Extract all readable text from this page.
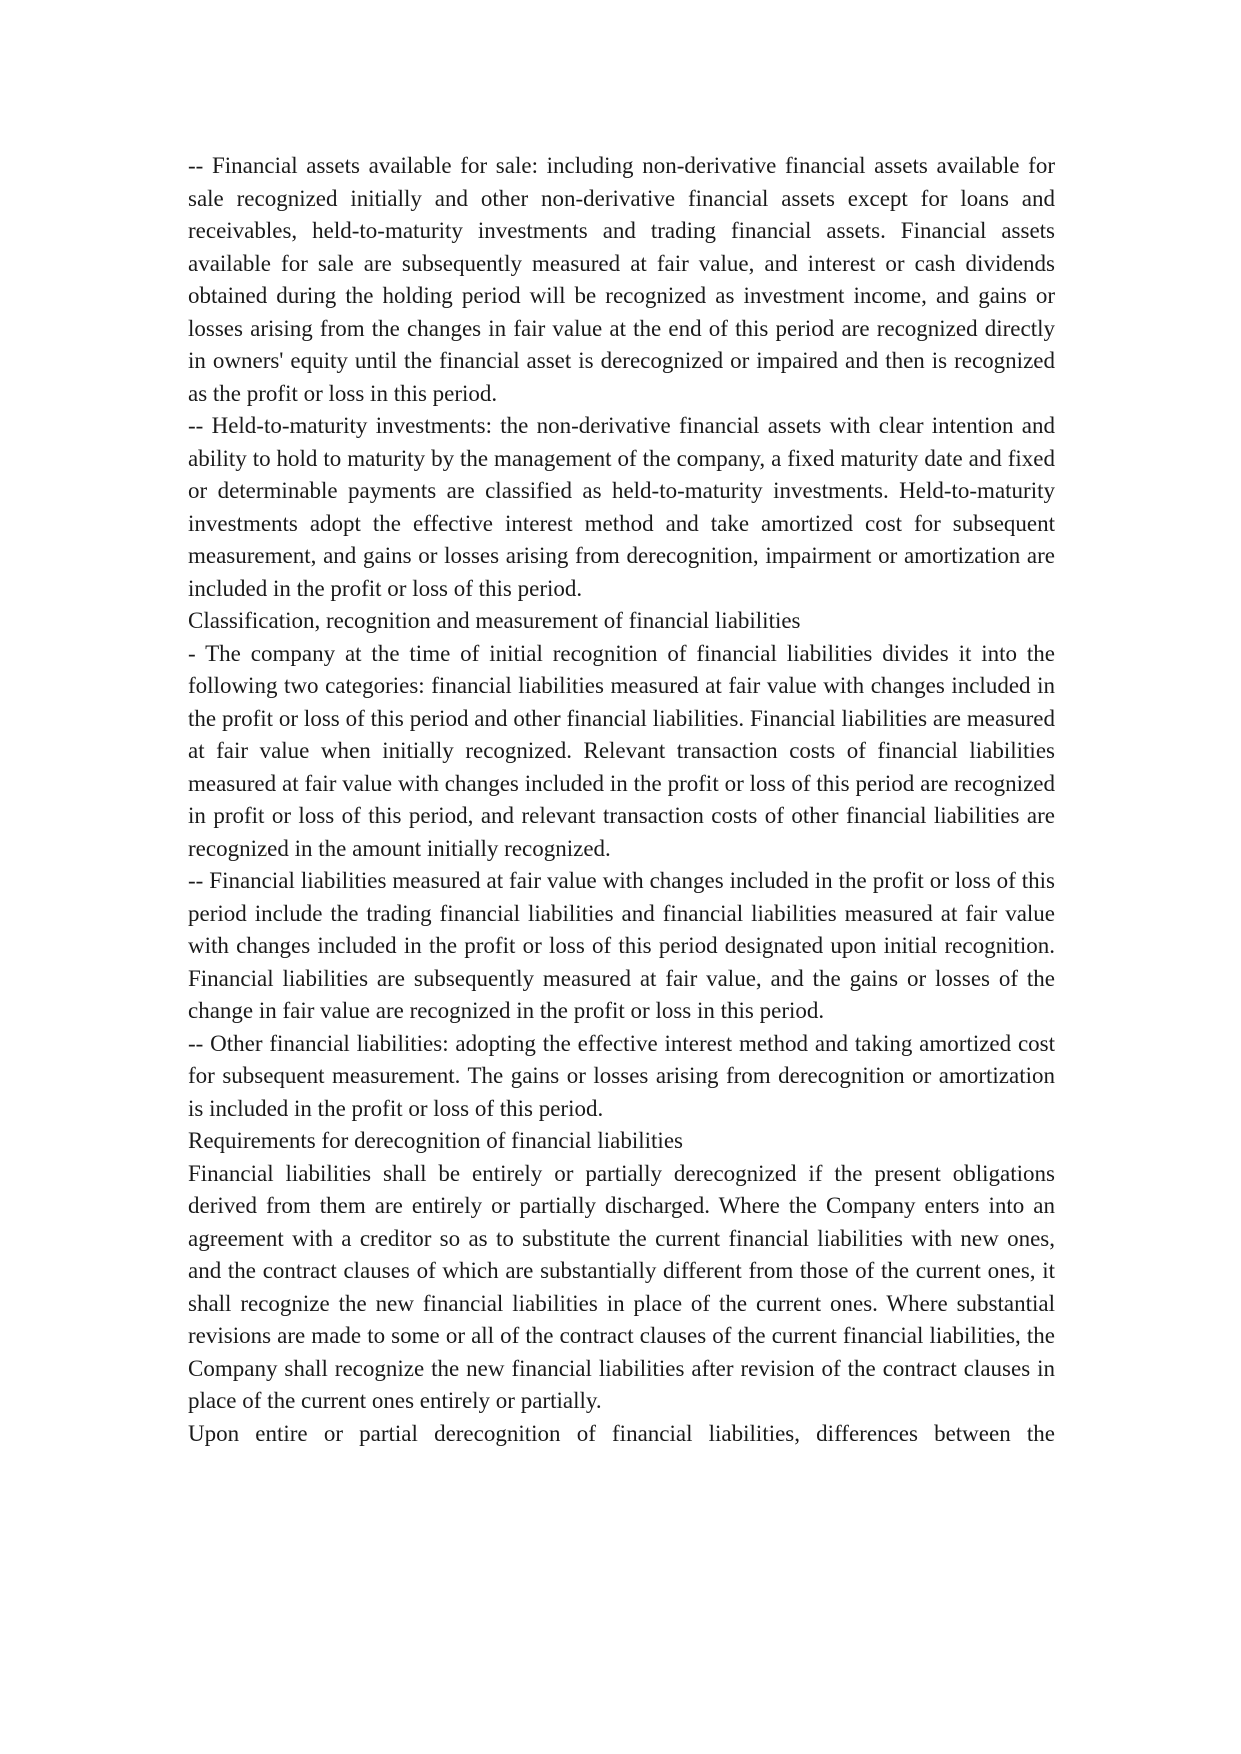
-- Financial assets available for sale: including non-derivative financial assets available for sale recognized initially and other non-derivative financial assets except for loans and receivables, held-to-maturity investments and trading financial assets. Financial assets available for sale are subsequently measured at fair value, and interest or cash dividends obtained during the holding period will be recognized as investment income, and gains or losses arising from the changes in fair value at the end of this period are recognized directly in owners' equity until the financial asset is derecognized or impaired and then is recognized as the profit or loss in this period.

-- Held-to-maturity investments: the non-derivative financial assets with clear intention and ability to hold to maturity by the management of the company, a fixed maturity date and fixed or determinable payments are classified as held-to-maturity investments. Held-to-maturity investments adopt the effective interest method and take amortized cost for subsequent measurement, and gains or losses arising from derecognition, impairment or amortization are included in the profit or loss of this period.

Classification, recognition and measurement of financial liabilities

- The company at the time of initial recognition of financial liabilities divides it into the following two categories: financial liabilities measured at fair value with changes included in the profit or loss of this period and other financial liabilities. Financial liabilities are measured at fair value when initially recognized. Relevant transaction costs of financial liabilities measured at fair value with changes included in the profit or loss of this period are recognized in profit or loss of this period, and relevant transaction costs of other financial liabilities are recognized in the amount initially recognized.

-- Financial liabilities measured at fair value with changes included in the profit or loss of this period include the trading financial liabilities and financial liabilities measured at fair value with changes included in the profit or loss of this period designated upon initial recognition. Financial liabilities are subsequently measured at fair value, and the gains or losses of the change in fair value are recognized in the profit or loss in this period.

-- Other financial liabilities: adopting the effective interest method and taking amortized cost for subsequent measurement. The gains or losses arising from derecognition or amortization is included in the profit or loss of this period.

Requirements for derecognition of financial liabilities

Financial liabilities shall be entirely or partially derecognized if the present obligations derived from them are entirely or partially discharged. Where the Company enters into an agreement with a creditor so as to substitute the current financial liabilities with new ones, and the contract clauses of which are substantially different from those of the current ones, it shall recognize the new financial liabilities in place of the current ones. Where substantial revisions are made to some or all of the contract clauses of the current financial liabilities, the Company shall recognize the new financial liabilities after revision of the contract clauses in place of the current ones entirely or partially.

Upon entire or partial derecognition of financial liabilities, differences between the
